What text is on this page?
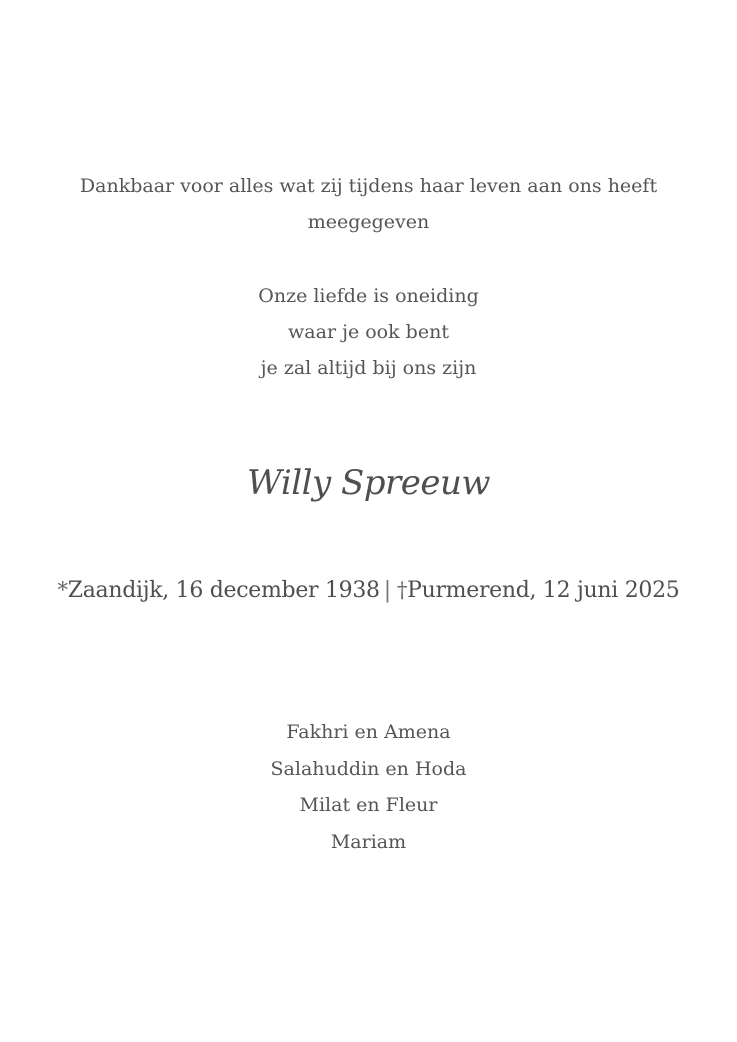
Dankbaar voor alles wat zij tijdens haar leven aan ons heeft
meegegeven
Onze liefde is oneiding
waar je ook bent
je zal altijd bij ons zijn
Willy Spreeuw
*Zaandijk, 16 december 1938 | †Purmerend, 12 juni 2025
Fakhri en Amena
Salahuddin en Hoda
Milat en Fleur
Mariam
